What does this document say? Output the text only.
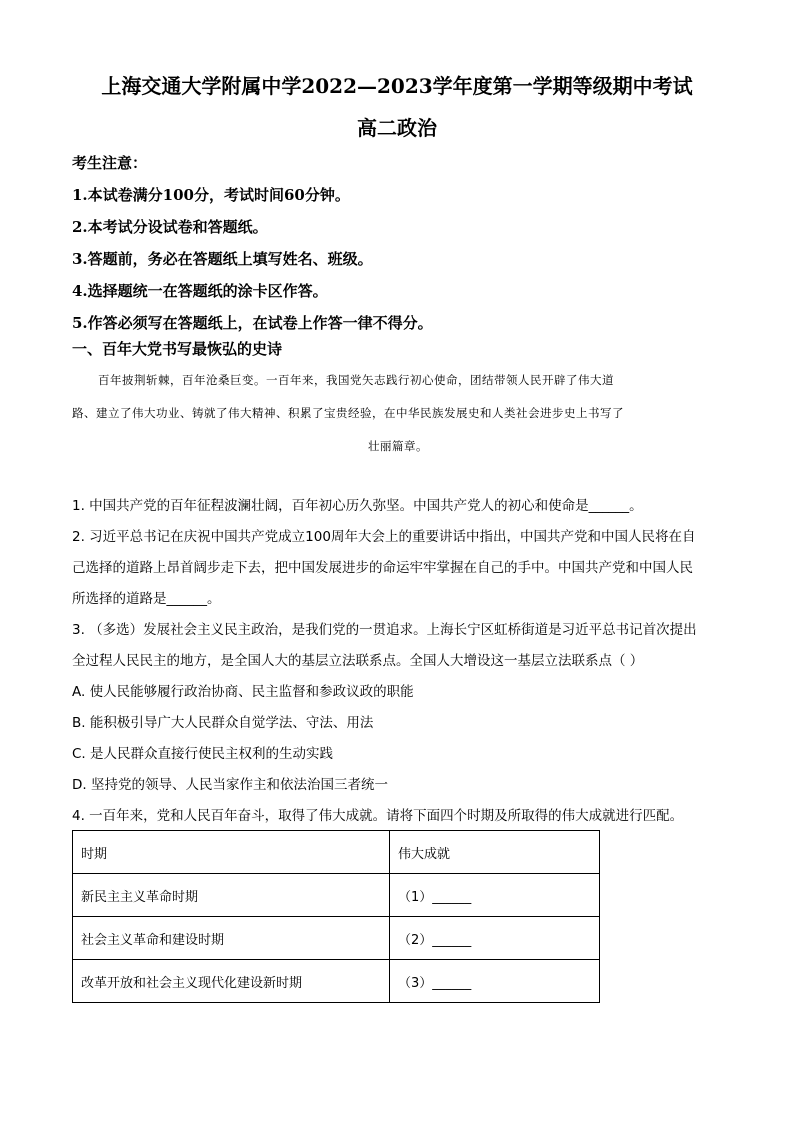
上海交通大学附属中学2022—2023学年度第一学期等级期中考试
高二政治
考生注意：
1.本试卷满分100分，考试时间60分钟。
2.本考试分设试卷和答题纸。
3.答题前，务必在答题纸上填写姓名、班级。
4.选择题统一在答题纸的涂卡区作答。
5.作答必须写在答题纸上，在试卷上作答一律不得分。
一、百年大党书写最恢弘的史诗
百年披荆斩棘，百年沧桑巨变。一百年来，我国党矢志践行初心使命，团结带领人民开辟了伟大道
路、建立了伟大功业、铸就了伟大精神、积累了宝贵经验，在中华民族发展史和人类社会进步史上书写了
壮丽篇章。
1. 中国共产党的百年征程波澜壮阔，百年初心历久弥坚。中国共产党人的初心和使命是______。
2. 习近平总书记在庆祝中国共产党成立100周年大会上的重要讲话中指出，中国共产党和中国人民将在自
己选择的道路上昂首阔步走下去，把中国发展进步的命运牢牢掌握在自己的手中。中国共产党和中国人民
所选择的道路是______。
3. （多选）发展社会主义民主政治，是我们党的一贯追求。上海长宁区虹桥街道是习近平总书记首次提出
全过程人民民主的地方，是全国人大的基层立法联系点。全国人大增设这一基层立法联系点（ ）
A. 使人民能够履行政治协商、民主监督和参政议政的职能
B. 能积极引导广大人民群众自觉学法、守法、用法
C. 是人民群众直接行使民主权利的生动实践
D. 坚持党的领导、人民当家作主和依法治国三者统一
4. 一百年来，党和人民百年奋斗，取得了伟大成就。请将下面四个时期及所取得的伟大成就进行匹配。
时期	伟大成就
新民主主义革命时期	（1）______
社会主义革命和建设时期	（2）______
改革开放和社会主义现代化建设新时期	（3）______
